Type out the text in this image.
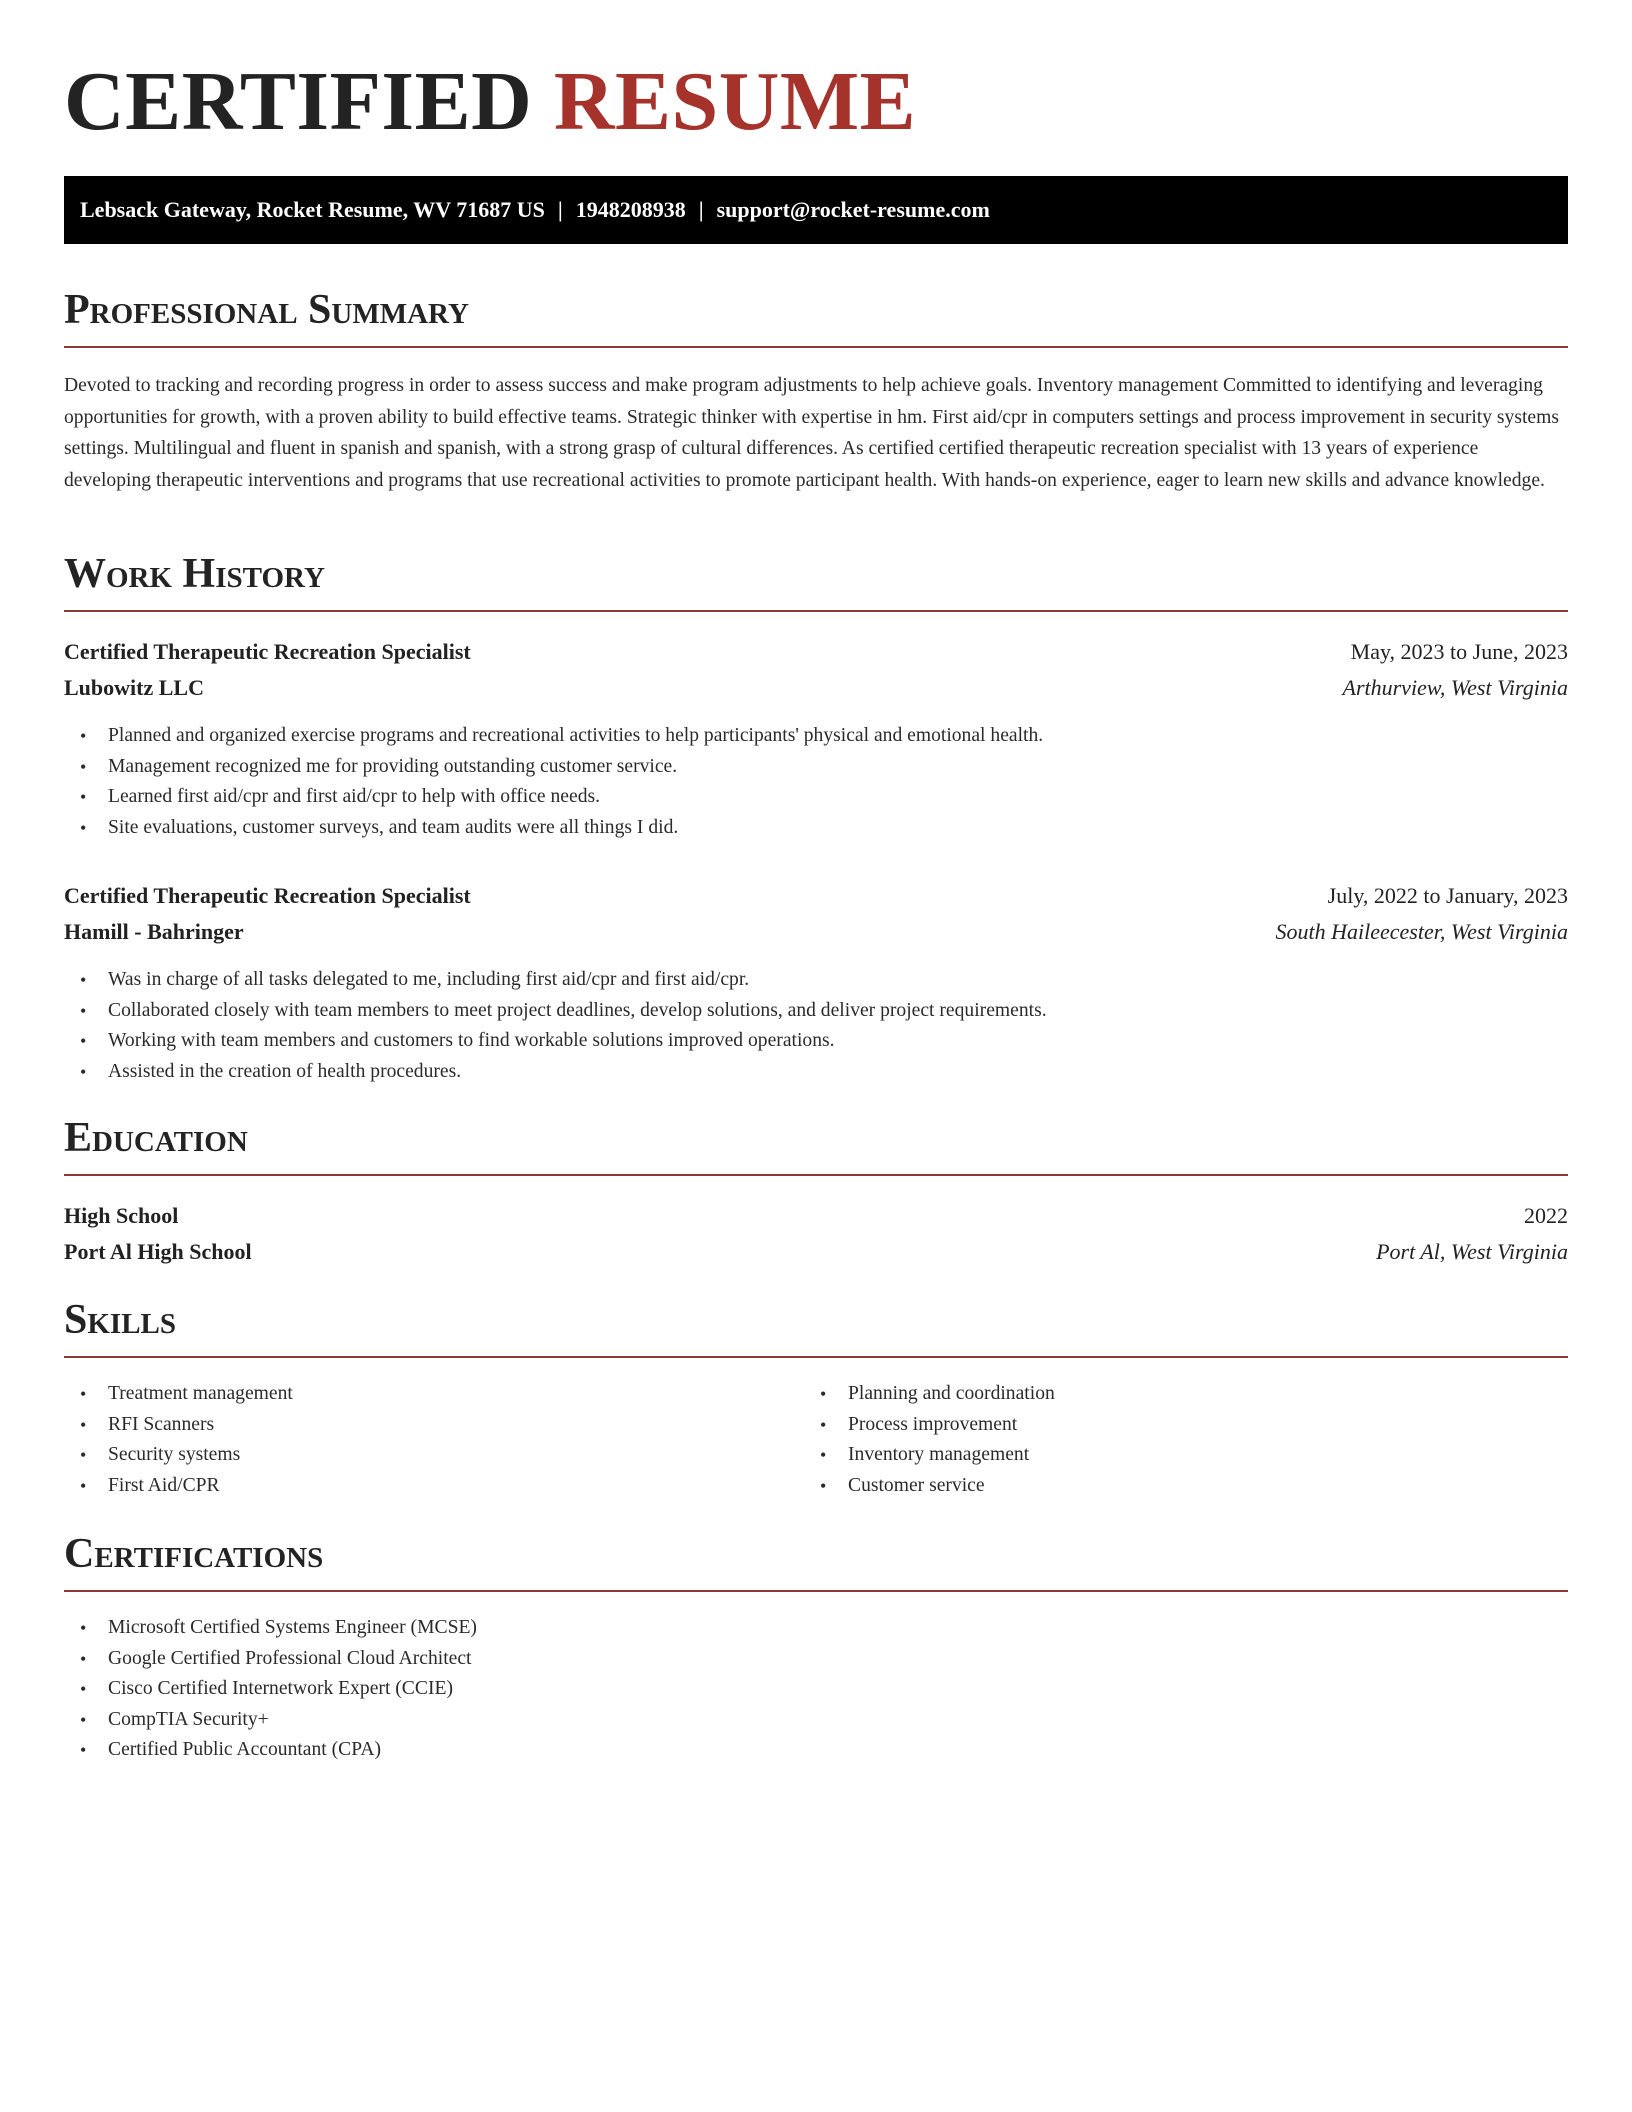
CERTIFIED RESUME
Lebsack Gateway, Rocket Resume, WV 71687 US | 1948208938 | support@rocket-resume.com
Professional Summary

Devoted to tracking and recording progress in order to assess success and make program adjustments to help achieve goals. Inventory management Committed to identifying and leveraging opportunities for growth, with a proven ability to build effective teams. Strategic thinker with expertise in hm. First aid/cpr in computers settings and process improvement in security systems settings. Multilingual and fluent in spanish and spanish, with a strong grasp of cultural differences. As certified certified therapeutic recreation specialist with 13 years of experience developing therapeutic interventions and programs that use recreational activities to promote participant health. With hands-on experience, eager to learn new skills and advance knowledge.

Work History
Certified Therapeutic Recreation Specialist	May, 2023 to June, 2023
Lubowitz LLC	Arthurview, West Virginia
• Planned and organized exercise programs and recreational activities to help participants' physical and emotional health.
• Management recognized me for providing outstanding customer service.
• Learned first aid/cpr and first aid/cpr to help with office needs.
• Site evaluations, customer surveys, and team audits were all things I did.
Certified Therapeutic Recreation Specialist	July, 2022 to January, 2023
Hamill - Bahringer	South Haileecester, West Virginia
• Was in charge of all tasks delegated to me, including first aid/cpr and first aid/cpr.
• Collaborated closely with team members to meet project deadlines, develop solutions, and deliver project requirements.
• Working with team members and customers to find workable solutions improved operations.
• Assisted in the creation of health procedures.
Education
High School	2022
Port Al High School	Port Al, West Virginia
Skills
• Treatment management
• RFI Scanners
• Security systems
• First Aid/CPR
• Planning and coordination
• Process improvement
• Inventory management
• Customer service
Certifications
• Microsoft Certified Systems Engineer (MCSE)
• Google Certified Professional Cloud Architect
• Cisco Certified Internetwork Expert (CCIE)
• CompTIA Security+
• Certified Public Accountant (CPA)
